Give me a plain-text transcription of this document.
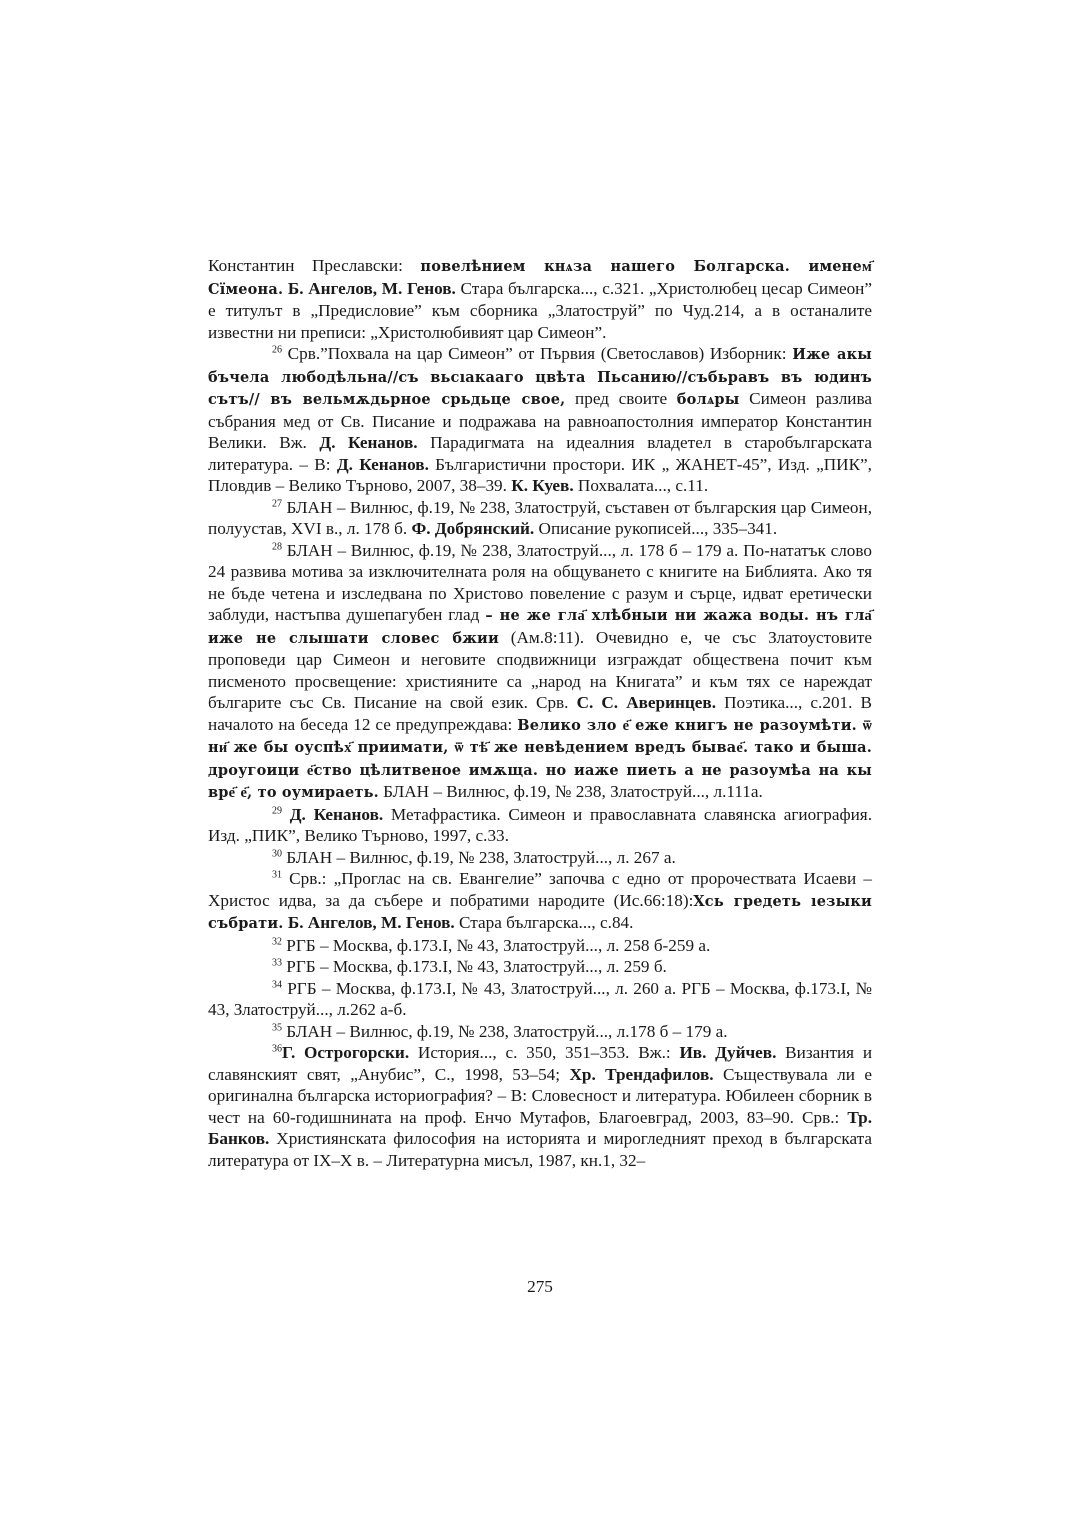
Константин Преславски: повелѣнием кнѧза нашего Болгарска. именем҃ Сїмеона. Б. Ангелов, М. Генов. Стара българска..., с.321. „Христолюбец цесар Симеон” е титулът в „Предисловие” към сборника „Златоструй” по Чуд.214, а в останалите известни ни преписи: „Христолюбивият цар Симеон”.

$^{26}$ Срв.”Похвала на цар Симеон” от Първия (Светославов) Изборник: Иже акы бъчела любодѣльна//съ вьсıакааго цвѣта Пьсанию//събьравъ въ юдинъ сътъ// въ вельмѫдьрное срьдьце свое, пред своите болѧры Симеон разлива събрания мед от Св. Писание и подражава на равноапостолния император Константин Велики. Вж. Д. Кенанов. Парадигмата на идеалния владетел в старобългарската литература. – В: Д. Кенанов. Българистични простори. ИК „ ЖАНЕТ-45”, Изд. „ПИК”, Пловдив – Велико Търново, 2007, 38–39. К. Куев. Похвалата..., с.11.

$^{27}$ БЛАН – Вилнюс, ф.19, № 238, Златоструй, съставен от българския цар Симеон, полуустав, XVI в., л. 178 б. Ф. Добрянский. Описание рукописей..., 335–341.

$^{28}$ БЛАН – Вилнюс, ф.19, № 238, Златоструй..., л. 178 б – 179 а. По-нататък слово 24 развива мотива за изключителната роля на общуването с книгите на Библията. Ако тя не бъде четена и изследвана по Христово повеление с разум и сърце, идват еретически заблуди, настъпва душепагубен глад – не же гла҃ хлѣбныи ни жажа воды. нъ гла҃ иже не слышати словес бжии (Ам.8:11). Очевидно е, че със Златоустовите проповеди цар Симеон и неговите сподвижници изграждат обществена почит към писменото просвещение: християните са „народ на Книгата” и към тях се нареждат българите със Св. Писание на свой език. Срв. С. С. Аверинцев. Поэтика..., с.201. В началото на беседа 12 се предупреждава: Велико зло е҃ еже книгъ не разоумѣти. ѿ ни҃ же бы оуспѣх҃ приимати, ѿ тѣ҃ же невѣдением вредъ бывае҃. тако и быша. дроугоици е҃ство цѣлитвеное имѫща. но иаже пиеть а не разоумѣа на кы вре҃ е҃, то оумираеть. БЛАН – Вилнюс, ф.19, № 238, Златоструй..., л.111а.

$^{29}$ Д. Кенанов. Метафрастика. Симеон и православната славянска агиография. Изд. „ПИК”, Велико Търново, 1997, с.33.

$^{30}$ БЛАН – Вилнюс, ф.19, № 238, Златоструй..., л. 267 а.

$^{31}$ Срв.: „Проглас на св. Евангелие” започва с едно от пророчествата Исаеви – Христос идва, за да събере и побратими народите (Ис.66:18):Хсь гредеть ıезыки събрати. Б. Ангелов, М. Генов. Стара българска..., с.84.

$^{32}$ РГБ – Москва, ф.173.I, № 43, Златоструй..., л. 258 б-259 а.

$^{33}$ РГБ – Москва, ф.173.I, № 43, Златоструй..., л. 259 б.

$^{34}$ РГБ – Москва, ф.173.I, № 43, Златоструй..., л. 260 а. РГБ – Москва, ф.173.I, № 43, Златоструй..., л.262 а-б.

$^{35}$ БЛАН – Вилнюс, ф.19, № 238, Златоструй..., л.178 б – 179 а.

$^{36}$Г. Острогорски. История..., с. 350, 351–353. Вж.: Ив. Дуйчев. Византия и славянският свят, „Анубис”, С., 1998, 53–54; Хр. Трендафилов. Съществувала ли е оригинална българска историография? – В: Словесност и литература. Юбилеен сборник в чест на 60-годишнината на проф. Енчо Мутафов, Благоевград, 2003, 83–90. Срв.: Тр. Банков. Християнската философия на историята и мирогледният преход в българската литература от IX–X в. – Литературна мисъл, 1987, кн.1, 32–

275
